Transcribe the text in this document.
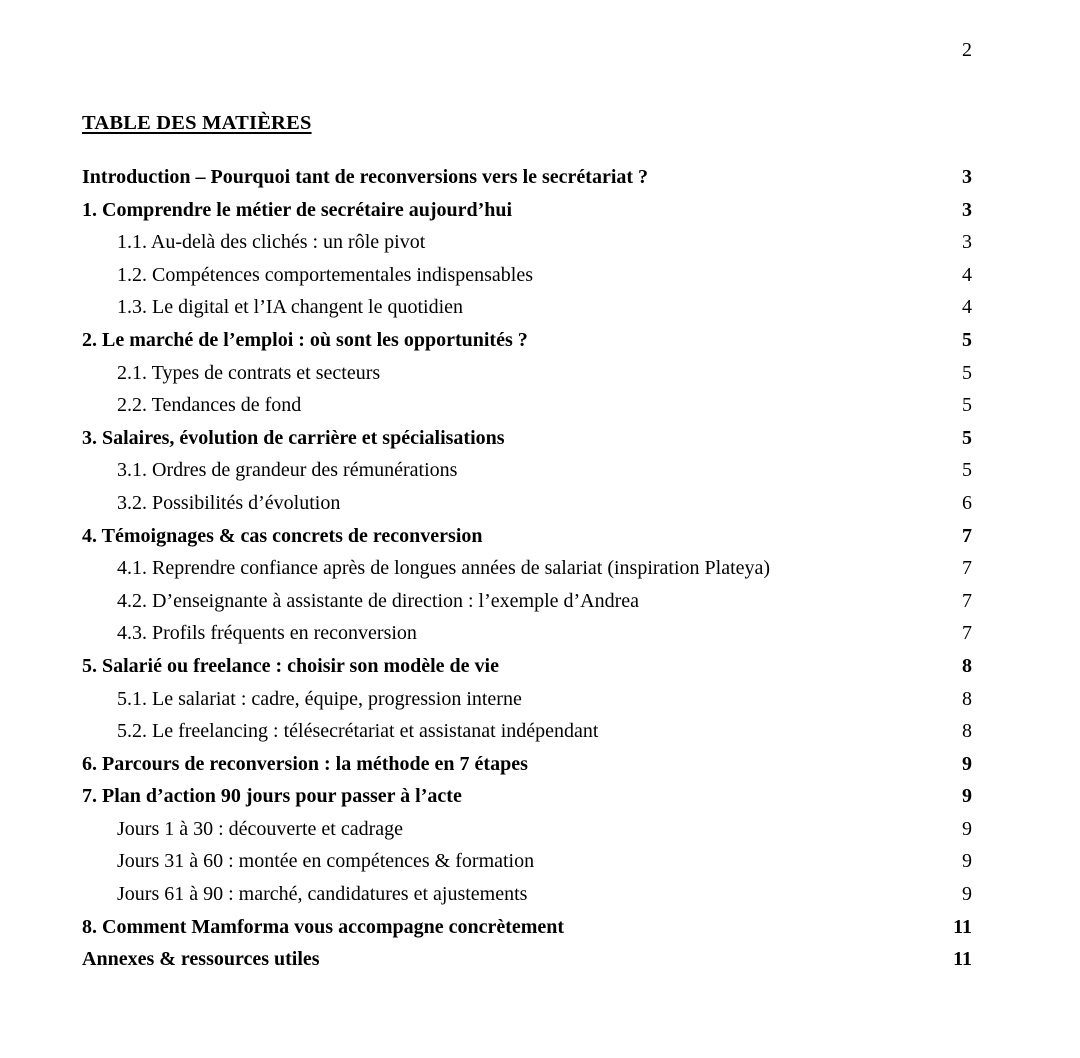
2
TABLE DES MATIÈRES
Introduction – Pourquoi tant de reconversions vers le secrétariat ?	3
1. Comprendre le métier de secrétaire aujourd’hui	3
1.1. Au-delà des clichés : un rôle pivot	3
1.2. Compétences comportementales indispensables	4
1.3. Le digital et l’IA changent le quotidien	4
2. Le marché de l’emploi : où sont les opportunités ?	5
2.1. Types de contrats et secteurs	5
2.2. Tendances de fond	5
3. Salaires, évolution de carrière et spécialisations	5
3.1. Ordres de grandeur des rémunérations	5
3.2. Possibilités d’évolution	6
4. Témoignages & cas concrets de reconversion	7
4.1. Reprendre confiance après de longues années de salariat (inspiration Plateya)	7
4.2. D’enseignante à assistante de direction : l’exemple d’Andrea	7
4.3. Profils fréquents en reconversion	7
5. Salarié ou freelance : choisir son modèle de vie	8
5.1. Le salariat : cadre, équipe, progression interne	8
5.2. Le freelancing : télésecrétariat et assistanat indépendant	8
6. Parcours de reconversion : la méthode en 7 étapes	9
7. Plan d’action 90 jours pour passer à l’acte	9
Jours 1 à 30 : découverte et cadrage	9
Jours 31 à 60 : montée en compétences & formation	9
Jours 61 à 90 : marché, candidatures et ajustements	9
8. Comment Mamforma vous accompagne concrètement	11
Annexes & ressources utiles	11
